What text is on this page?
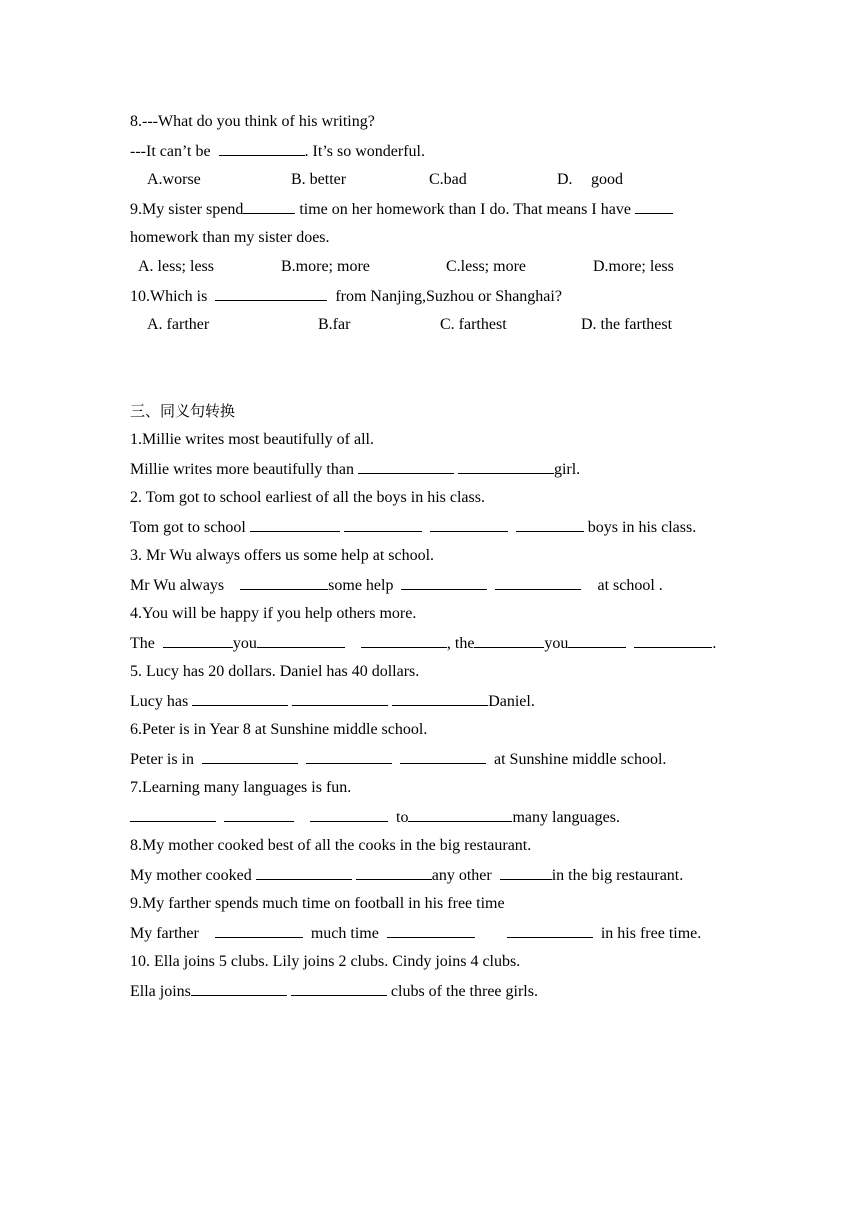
8.---What do you think of his writing?
---It can’t be	. It’s so wonderful.
A.worse	B. better	C.bad	D. good
9.My sister spend	time on her homework than I do. That means I have
homework than my sister does.
A. less; less	B.more; more	C.less; more	D.more; less
10.Which is	from Nanjing,Suzhou or Shanghai?
A. farther	B.far	C. farthest	D. the farthest
三、同义句转换
1.Millie writes most beautifully of all.
Millie writes more beautifully than	girl.
2. Tom got to school earliest of all the boys in his class.
Tom got to school	boys in his class.
3. Mr Wu always offers us some help at school.
Mr Wu always	some help	at school .
4.You will be happy if you help others more.
The	you	, the	you	.
5. Lucy has 20 dollars. Daniel has 40 dollars.
Lucy has	Daniel.
6.Peter is in Year 8 at Sunshine middle school.
Peter is in	at Sunshine middle school.
7.Learning many languages is fun.
to	many languages.
8.My mother cooked best of all the cooks in the big restaurant.
My mother cooked	any other	in the big restaurant.
9.My farther spends much time on football in his free time
My farther	much time	in his free time.
10. Ella joins 5 clubs. Lily joins 2 clubs. Cindy joins 4 clubs.
Ella joins	clubs of the three girls.
